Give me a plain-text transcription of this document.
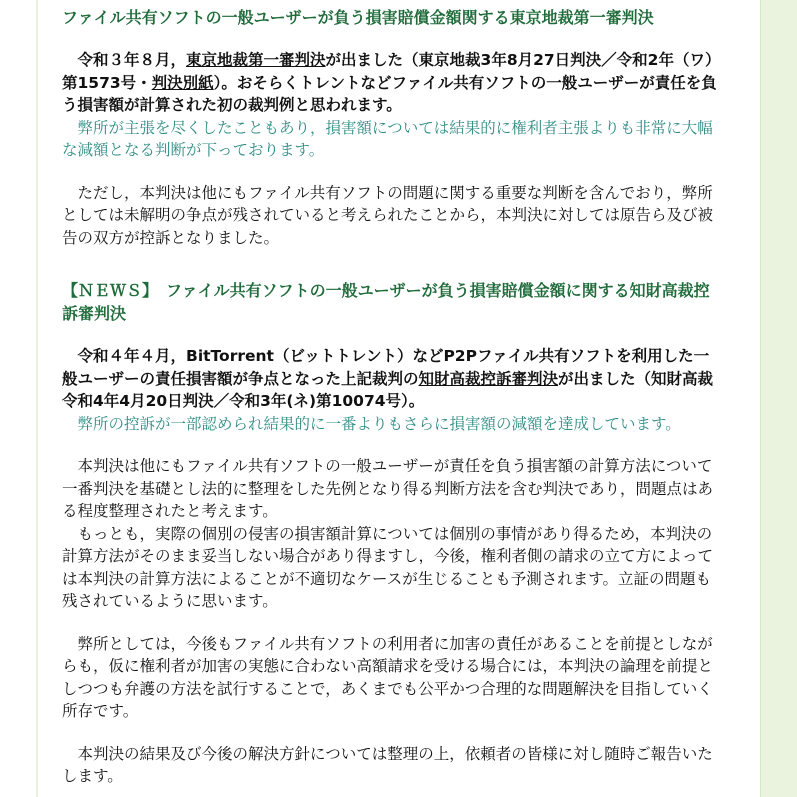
ファイル共有ソフトの一般ユーザーが負う損害賠償金額関する東京地裁第一審判決

令和３年８月，東京地裁第一審判決が出ました（東京地裁3年8月27日判決／令和2年（ワ）第1573号・判決別紙）。おそらくトレントなどファイル共有ソフトの一般ユーザーが責任を負う損害額が計算された初の裁判例と思われます。

弊所が主張を尽くしたこともあり，損害額については結果的に権利者主張よりも非常に大幅な減額となる判断が下っております。

ただし，本判決は他にもファイル共有ソフトの問題に関する重要な判断を含んでおり，弊所としては未解明の争点が残されていると考えられたことから，本判決に対しては原告ら及び被告の双方が控訴となりました。

【ＮＥＷＳ】　ファイル共有ソフトの一般ユーザーが負う損害賠償金額に関する知財高裁控訴審判決

令和４年４月，BitTorrent（ビットトレント）などP2Pファイル共有ソフトを利用した一般ユーザーの責任損害額が争点となった上記裁判の知財高裁控訴審判決が出ました（知財高裁令和4年4月20日判決／令和3年(ネ)第10074号）。

弊所の控訴が一部認められ結果的に一番よりもさらに損害額の減額を達成しています。

本判決は他にもファイル共有ソフトの一般ユーザーが責任を負う損害額の計算方法について一番判決を基礎とし法的に整理をした先例となり得る判断方法を含む判決であり，問題点はある程度整理されたと考えます。

もっとも，実際の個別の侵害の損害額計算については個別の事情があり得るため，本判決の計算方法がそのまま妥当しない場合があり得ますし，今後，権利者側の請求の立て方によっては本判決の計算方法によることが不適切なケースが生じることも予測されます。立証の問題も残されているように思います。

弊所としては，今後もファイル共有ソフトの利用者に加害の責任があることを前提としながらも，仮に権利者が加害の実態に合わない高額請求を受ける場合には，本判決の論理を前提としつつも弁護の方法を試行することで，あくまでも公平かつ合理的な問題解決を目指していく所存です。

本判決の結果及び今後の解決方針については整理の上，依頼者の皆様に対し随時ご報告いたします。
